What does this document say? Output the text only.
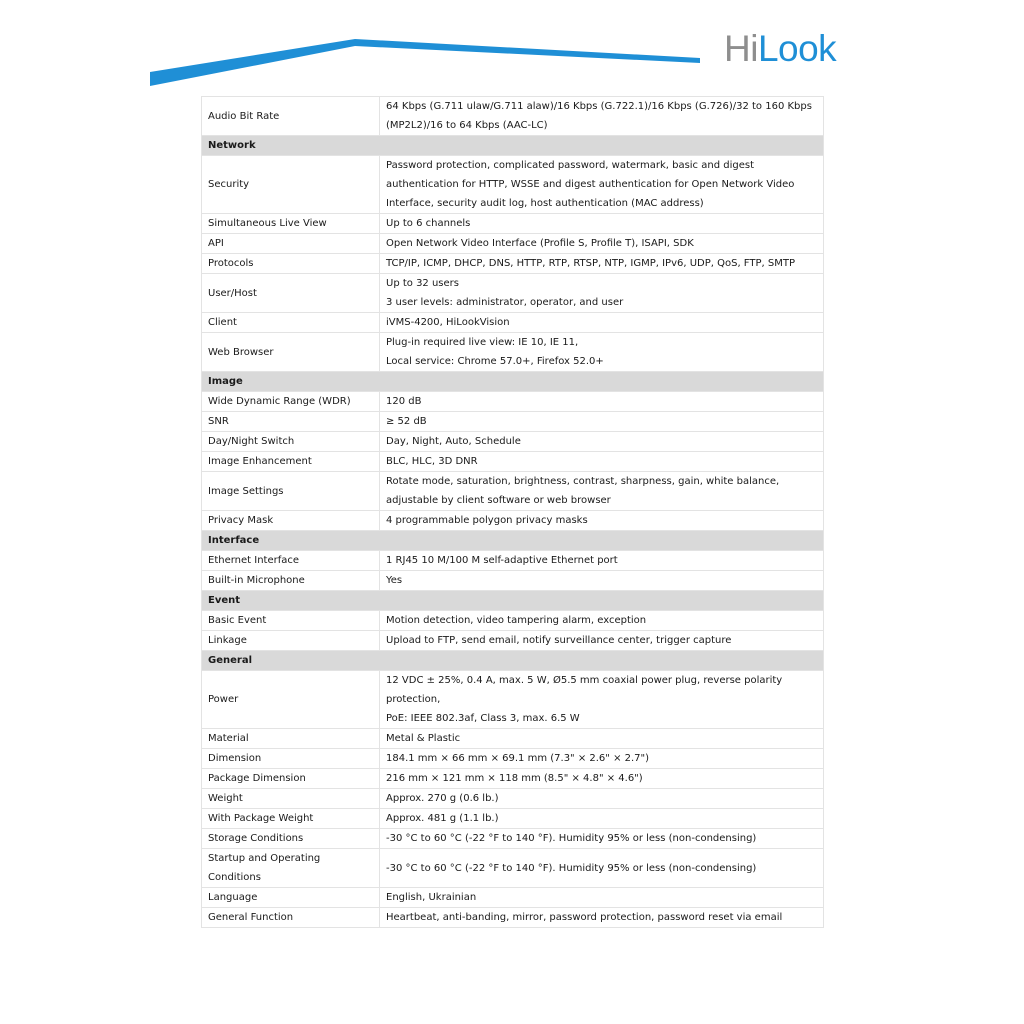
HiLook
Audio Bit Rate	64 Kbps (G.711 ulaw/G.711 alaw)/16 Kbps (G.722.1)/16 Kbps (G.726)/32 to 160 Kbps
(MP2L2)/16 to 64 Kbps (AAC-LC)

Network	
Security	Password protection, complicated password, watermark, basic and digest
authentication for HTTP, WSSE and digest authentication for Open Network Video
Interface, security audit log, host authentication (MAC address)

Simultaneous Live View	Up to 6 channels

API	Open Network Video Interface (Profile S, Profile T), ISAPI, SDK

Protocols	TCP/IP, ICMP, DHCP, DNS, HTTP, RTP, RTSP, NTP, IGMP, IPv6, UDP, QoS, FTP, SMTP

User/Host	Up to 32 users
3 user levels: administrator, operator, and user

Client	iVMS-4200, HiLookVision

Web Browser	Plug-in required live view: IE 10, IE 11,
Local service: Chrome 57.0+, Firefox 52.0+

Image	
Wide Dynamic Range (WDR)	120 dB

SNR	≥ 52 dB

Day/Night Switch	Day, Night, Auto, Schedule

Image Enhancement	BLC, HLC, 3D DNR

Image Settings	Rotate mode, saturation, brightness, contrast, sharpness, gain, white balance,
adjustable by client software or web browser

Privacy Mask	4 programmable polygon privacy masks

Interface	
Ethernet Interface	1 RJ45 10 M/100 M self-adaptive Ethernet port

Built-in Microphone	Yes

Event	
Basic Event	Motion detection, video tampering alarm, exception

Linkage	Upload to FTP, send email, notify surveillance center, trigger capture

General	
Power	12 VDC ± 25%, 0.4 A, max. 5 W, Ø5.5 mm coaxial power plug, reverse polarity
protection,
PoE: IEEE 802.3af, Class 3, max. 6.5 W

Material	Metal & Plastic

Dimension	184.1 mm × 66 mm × 69.1 mm (7.3" × 2.6" × 2.7")

Package Dimension	216 mm × 121 mm × 118 mm (8.5" × 4.8" × 4.6")

Weight	Approx. 270 g (0.6 lb.)

With Package Weight	Approx. 481 g (1.1 lb.)

Storage Conditions	-30 °C to 60 °C (-22 °F to 140 °F). Humidity 95% or less (non-condensing)

Startup and Operating
Conditions	-30 °C to 60 °C (-22 °F to 140 °F). Humidity 95% or less (non-condensing)

Language	English, Ukrainian

General Function	Heartbeat, anti-banding, mirror, password protection, password reset via email
